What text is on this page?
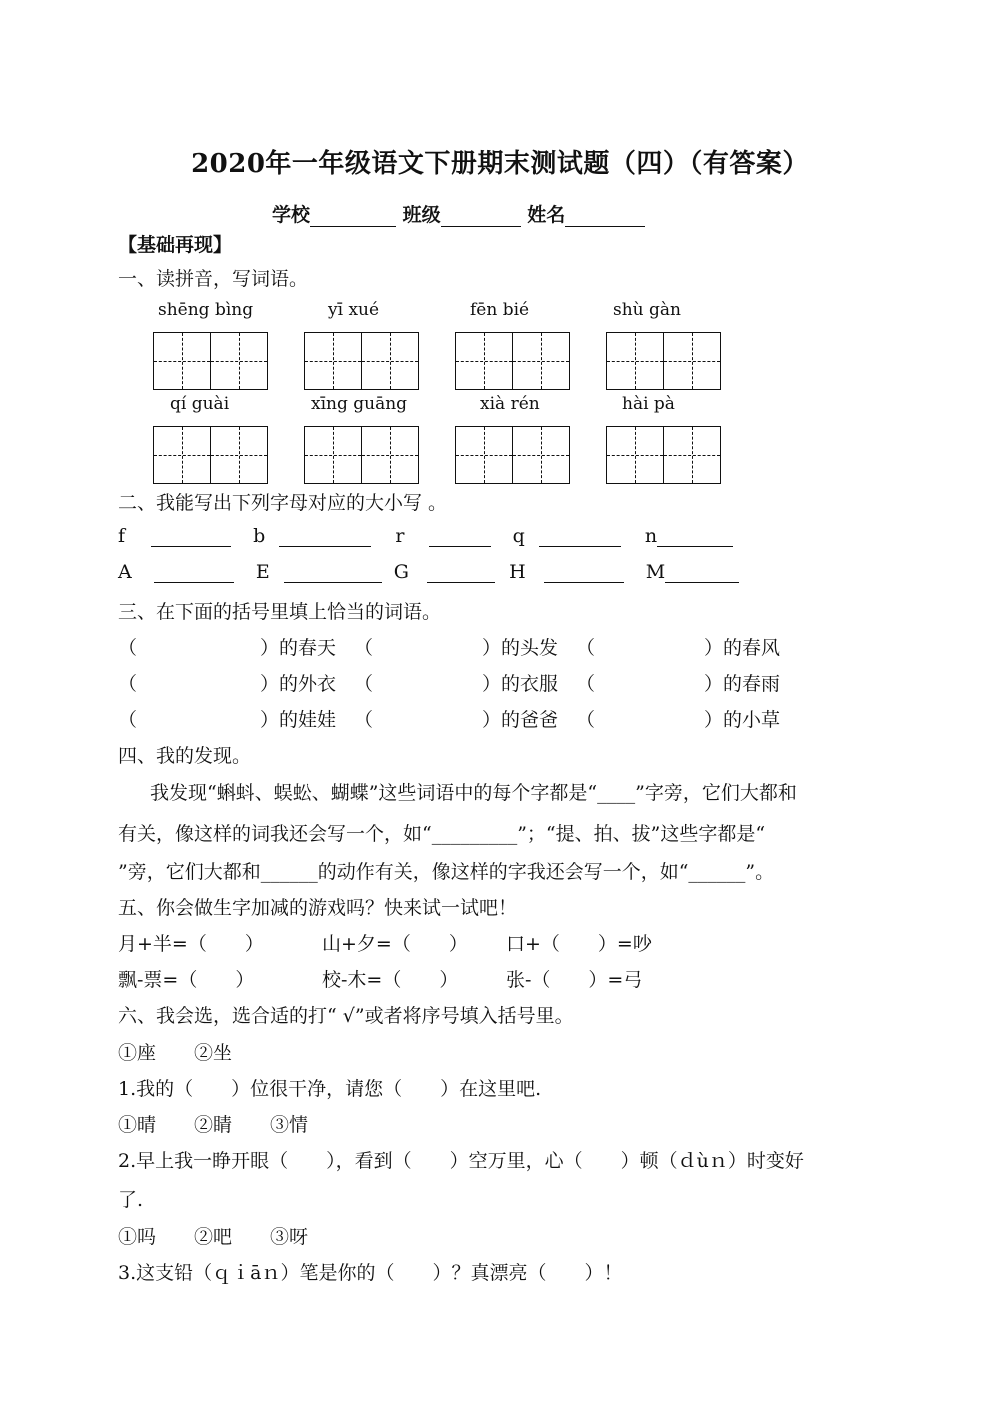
2020年一年级语文下册期末测试题（四）（有答案）
学校	班级	姓名
【基础再现】
一、读拼音，写词语。
shēng bìng	yī xué	fēn bié	shù gàn
qí guài	xīng guāng	xià rén	hài pà
二、我能写出下列字母对应的大小写 。
f	b	r	q	n
A	E	G	H	M
三、在下面的括号里填上恰当的词语。
（	）的春天 （	）的头发 （	）的春风
（	）的外衣 （	）的衣服 （	）的春雨
（	）的娃娃 （	）的爸爸 （	）的小草
四、我的发现。
我发现“蝌蚪、蜈蚣、蝴蝶”这些词语中的每个字都是“____”字旁，它们大都和
有关，像这样的词我还会写一个，如“_________”；“提、拍、拔”这些字都是“
”旁，它们大都和______的动作有关，像这样的字我还会写一个，如“______”。
五、你会做生字加减的游戏吗？快来试一试吧！
月+半=（　　）	山+夕=（　　） 口+（　　）=吵
飘-票=（　　）	校-木=（　　）	张-（　　）=弓
六、我会选，选合适的打“ √”或者将序号填入括号里。
①座　　②坐
1.我的（　　）位很干净，请您（　　）在这里吧.
①晴　　②睛　　③情
2.早上我一睁开眼（　　），看到（　　）空万里，心（　　）顿（ｄùｎ）时变好
了.
①吗　　②吧　　③呀
3.这支铅（ｑｉāｎ）笔是你的（　　）？真漂亮（　　）！
